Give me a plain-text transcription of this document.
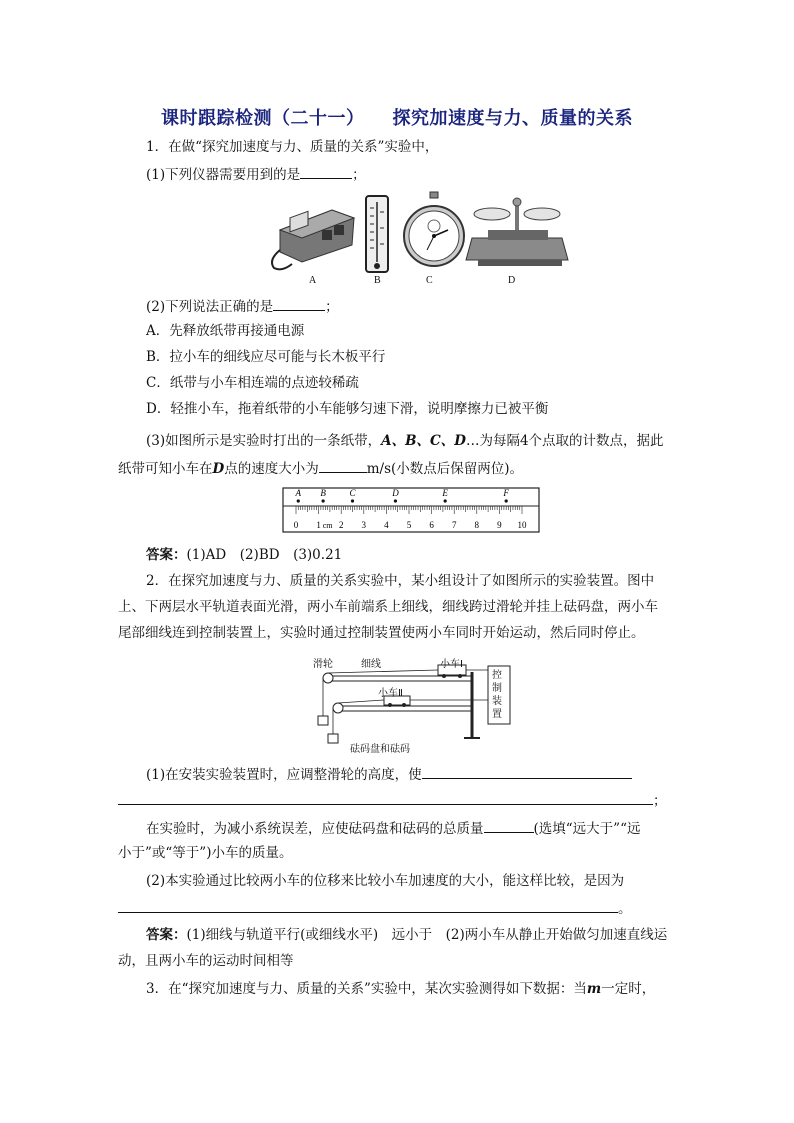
课时跟踪检测（二十一） 探究加速度与力、质量的关系
1．在做“探究加速度与力、质量的关系”实验中，
(1)下列仪器需要用到的是	；
A	B	C	D
(2)下列说法正确的是	；
A．先释放纸带再接通电源
B．拉小车的细线应尽可能与长木板平行
C．纸带与小车相连端的点迹较稀疏
D．轻推小车，拖着纸带的小车能够匀速下滑，说明摩擦力已被平衡
(3)如图所示是实验时打出的一条纸带，A、B、C、D…为每隔4个点取的计数点，据此
纸带可知小车在D点的速度大小为	m/s(小数点后保留两位)。
A B	C	D	E	F
0 1 cm 2 3 4 5 6 7 8 9 10
答案：(1)AD　(2)BD　(3)0.21
2．在探究加速度与力、质量的关系实验中，某小组设计了如图所示的实验装置。图中
上、下两层水平轨道表面光滑，两小车前端系上细线，细线跨过滑轮并挂上砝码盘，两小车
尾部细线连到控制装置上，实验时通过控制装置使两小车同时开始运动，然后同时停止。
滑轮	细线	小车Ⅰ
小车Ⅱ
砝码盘和砝码
控
制
装
置
(1)在安装实验装置时，应调整滑轮的高度，使
；
在实验时，为减小系统误差，应使砝码盘和砝码的总质量	(选填“远大于”“远
小于”或“等于”)小车的质量。
(2)本实验通过比较两小车的位移来比较小车加速度的大小，能这样比较，是因为
。
答案：(1)细线与轨道平行(或细线水平)　远小于　(2)两小车从静止开始做匀加速直线运
动，且两小车的运动时间相等
3．在“探究加速度与力、质量的关系”实验中，某次实验测得如下数据：当m一定时，
